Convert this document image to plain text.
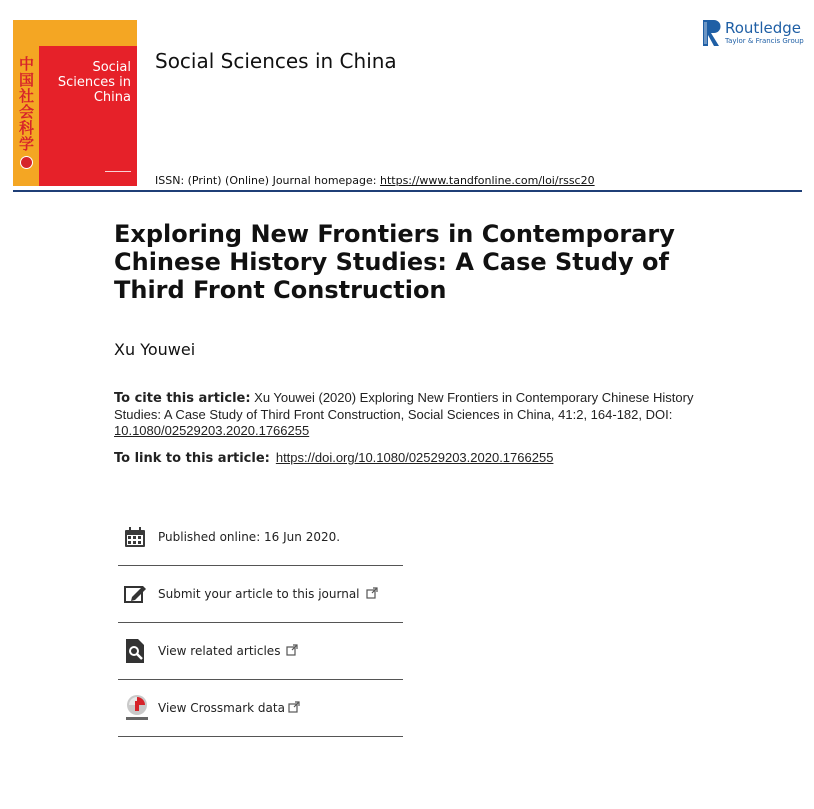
中国社会科学	Social Sciences in China
Social Sciences in China
Routledge
Taylor & Francis Group
ISSN: (Print) (Online) Journal homepage: https://www.tandfonline.com/loi/rssc20
Exploring New Frontiers in Contemporary Chinese History Studies: A Case Study of Third Front Construction
Xu Youwei
To cite this article: Xu Youwei (2020) Exploring New Frontiers in Contemporary Chinese History Studies: A Case Study of Third Front Construction, Social Sciences in China, 41:2, 164-182, DOI: 10.1080/02529203.2020.1766255
To link to this article: https://doi.org/10.1080/02529203.2020.1766255
Published online: 16 Jun 2020.
Submit your article to this journal
View related articles
View Crossmark data
